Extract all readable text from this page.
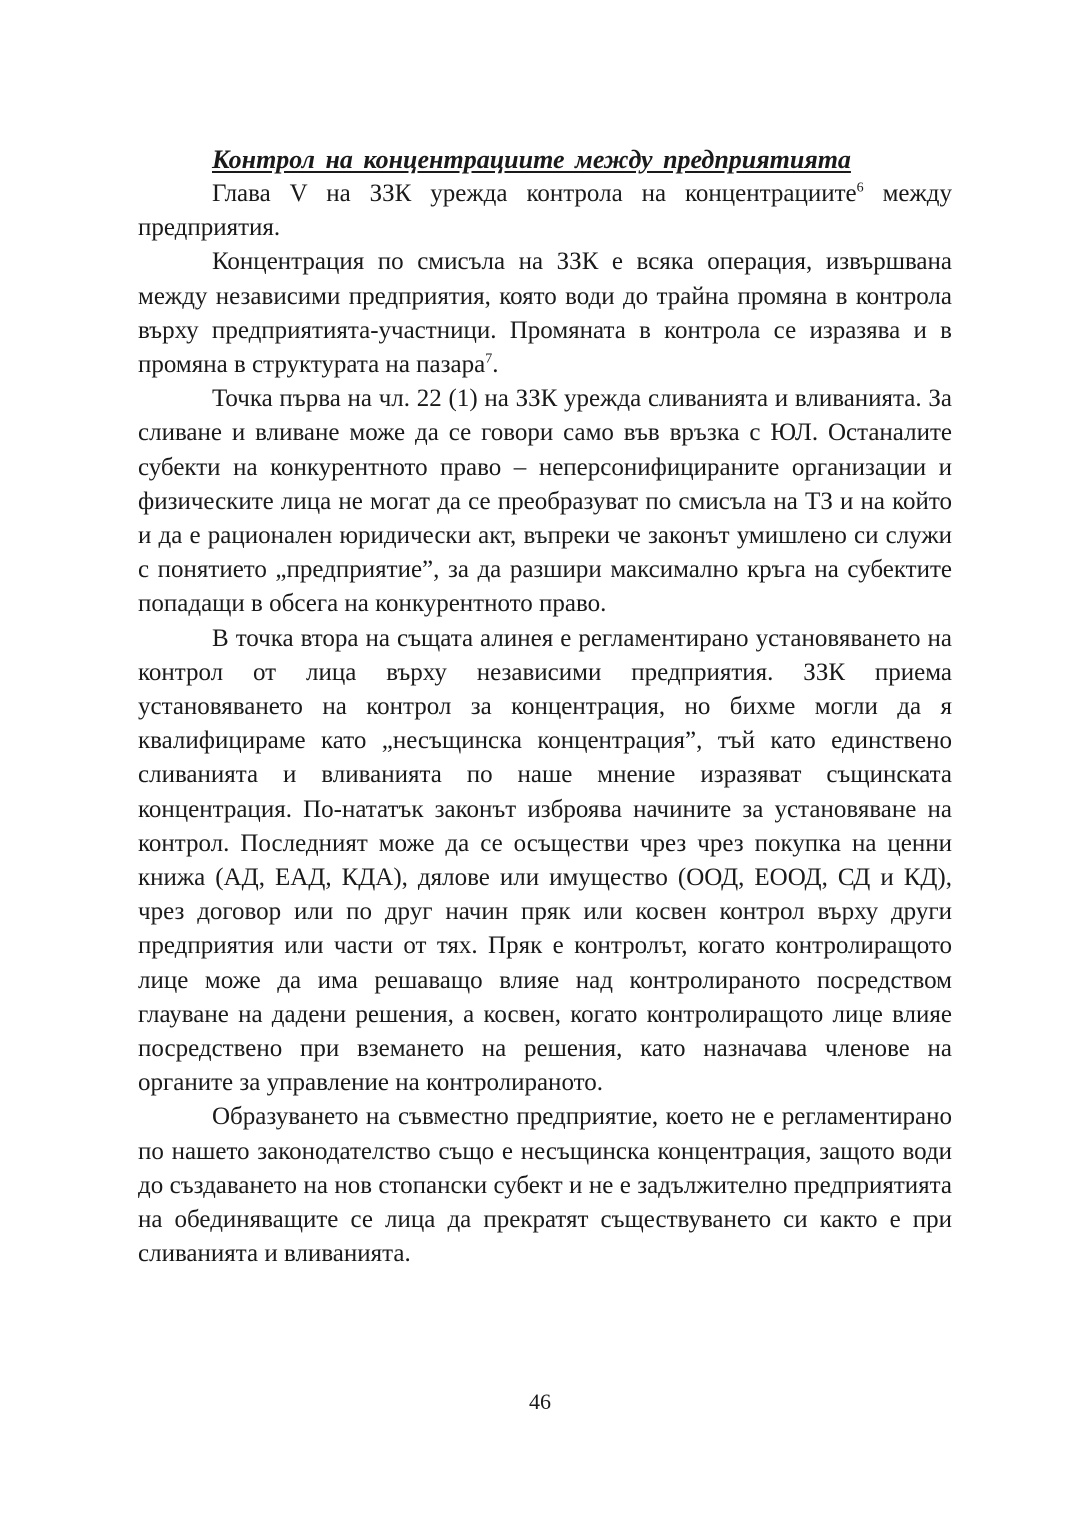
Контрол на концентрациите между предприятията

Глава V на ЗЗК урежда контрола на концентрациите$^6$ между предприятия.

Концентрация по смисъла на ЗЗК е всяка операция, извършвана между независими предприятия, която води до трайна промяна в контрола върху предприятията-участници. Промяната в контрола се изразява и в промяна в структурата на пазара$^7$.

Точка първа на чл. 22 (1) на ЗЗК урежда сливанията и вливанията. За сливане и вливане може да се говори само във връзка с ЮЛ. Останалите субекти на конкурентното право – неперсонифицираните организации и физическите лица не могат да се преобразуват по смисъла на ТЗ и на който и да е рационален юридически акт, въпреки че законът умишлено си служи с понятието „предприятие”, за да разшири максимално кръга на субектите попадащи в обсега на конкурентното право.

В точка втора на същата алинея е регламентирано установяването на контрол от лица върху независими предприятия. ЗЗК приема установяването на контрол за концентрация, но бихме могли да я квалифицираме като „несъщинска концентрация”, тъй като единствено сливанията и вливанията по наше мнение изразяват същинската концентрация. По-нататък законът изброява начините за установяване на контрол. Последният може да се осъществи чрез чрез покупка на ценни книжа (АД, ЕАД, КДА), дялове или имущество (ООД, ЕООД, СД и КД), чрез договор или по друг начин пряк или косвен контрол върху други предприятия или части от тях. Пряк е контролът, когато контролиращото лице може да има решаващо влияе над контролираното посредством глауване на дадени решения, а косвен, когато контролиращото лице влияе посредствено при вземането на решения, като назначава членове на органите за управление на контролираното.

Образуването на съвместно предприятие, което не е регламентирано по нашето законодателство също е несъщинска концентрация, защото води до създаването на нов стопански субект и не е задължително предприятията на обединяващите се лица да прекратят съществуването си както е при сливанията и вливанията.

46
